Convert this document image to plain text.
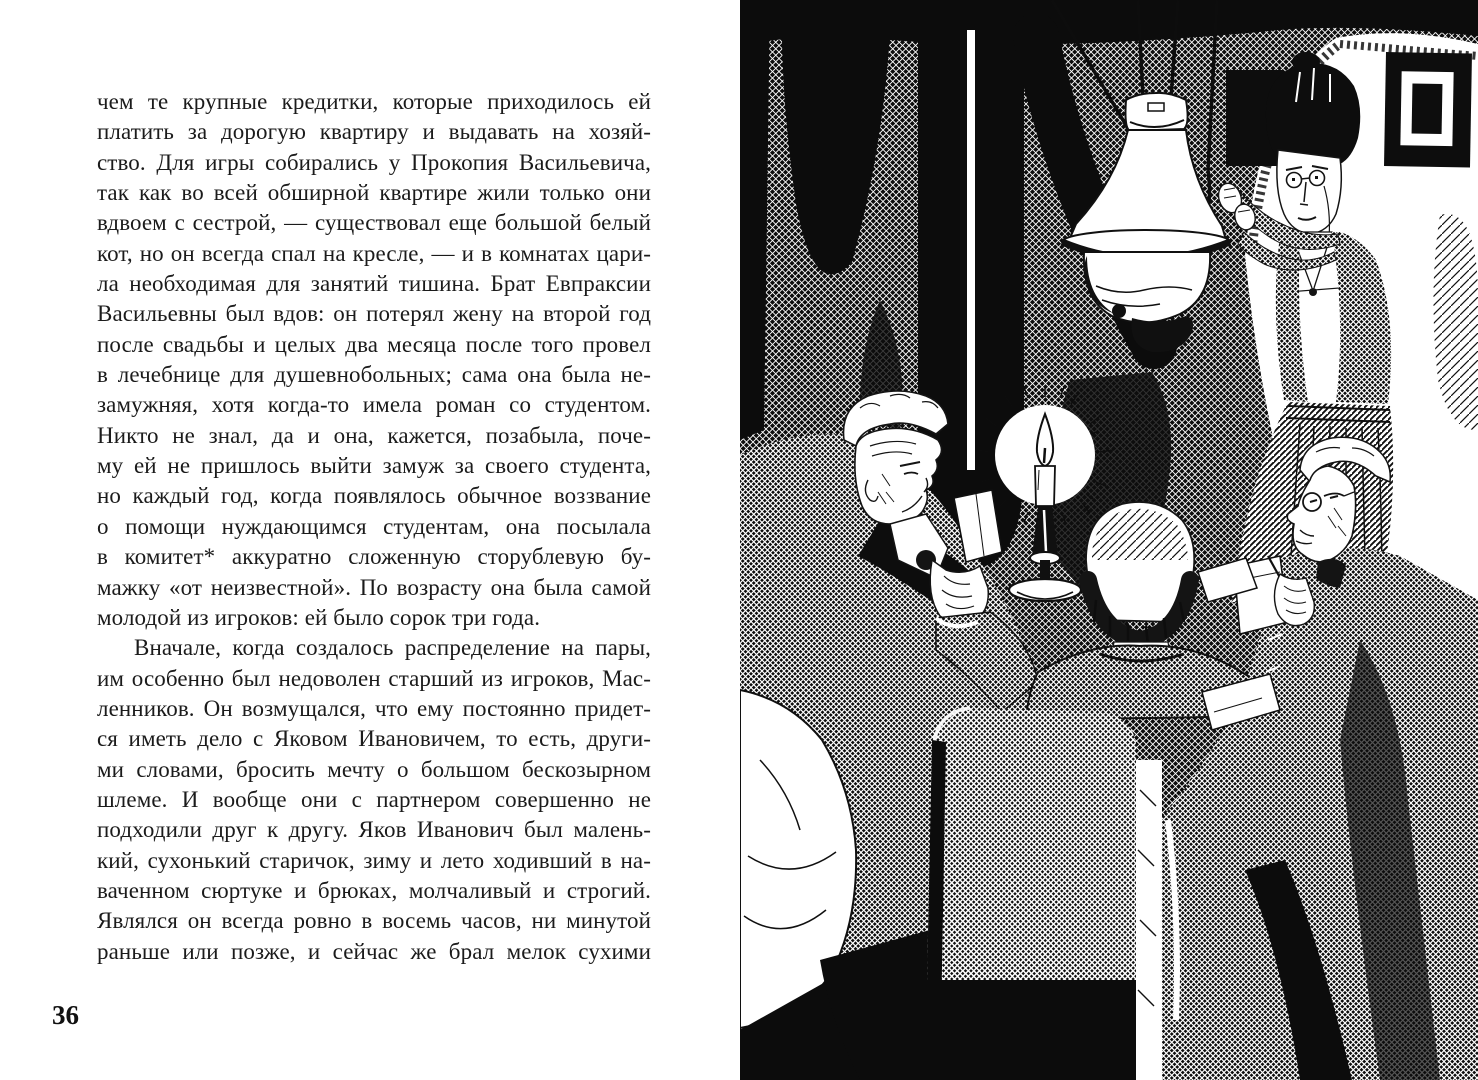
чем те крупные кредитки, которые приходилось ей
платить за дорогую квартиру и выдавать на хозяй-
ство. Для игры собирались у Прокопия Васильевича,
так как во всей обширной квартире жили только они
вдвоем с сестрой, — существовал еще большой белый
кот, но он всегда спал на кресле, — и в комнатах цари-
ла необходимая для занятий тишина. Брат Евпраксии
Васильевны был вдов: он потерял жену на второй год
после свадьбы и целых два месяца после того провел
в лечебнице для душевнобольных; сама она была не-
замужняя, хотя когда-то имела роман со студентом.
Никто не знал, да и она, кажется, позабыла, поче-
му ей не пришлось выйти замуж за своего студента,
но каждый год, когда появлялось обычное воззвание
о помощи нуждающимся студентам, она посылала
в комитет* аккуратно сложенную сторублевую бу-
мажку «от неизвестной». По возрасту она была самой
молодой из игроков: ей было сорок три года.
Вначале, когда создалось распределение на пары,
им особенно был недоволен старший из игроков, Мас-
ленников. Он возмущался, что ему постоянно придет-
ся иметь дело с Яковом Ивановичем, то есть, други-
ми словами, бросить мечту о большом бескозырном
шлеме. И вообще они с партнером совершенно не
подходили друг к другу. Яков Иванович был малень-
кий, сухонький старичок, зиму и лето ходивший в на-
ваченном сюртуке и брюках, молчаливый и строгий.
Являлся он всегда ровно в восемь часов, ни минутой
раньше или позже, и сейчас же брал мелок сухими
36
